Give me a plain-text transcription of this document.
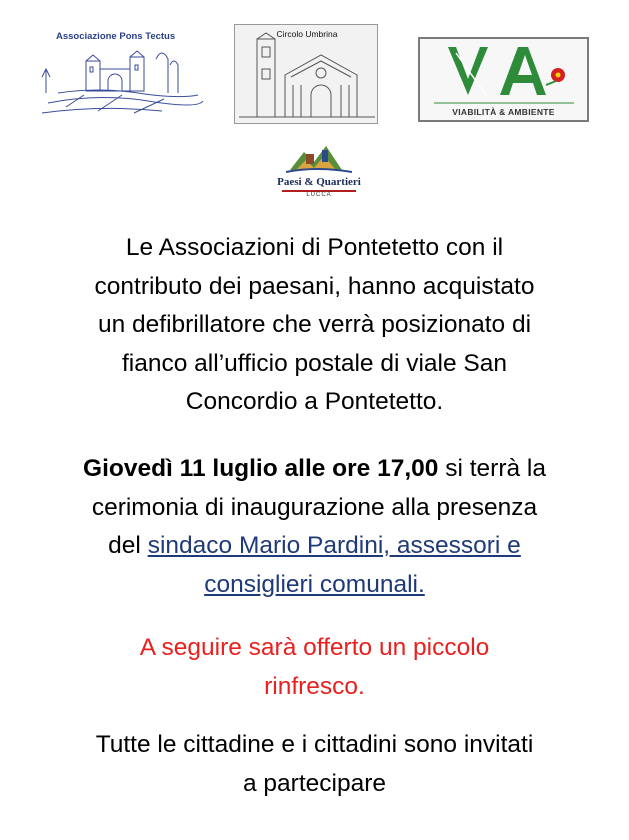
Associazione Pons Tectus	Circolo Umbrina
VIABILITÀ & AMBIENTE
Paesi & Quartieri
LUCCA
Le Associazioni di Pontetetto con il
contributo dei paesani, hanno acquistato
un defibrillatore che verrà posizionato di
fianco all’ufficio postale di viale San
Concordio a Pontetetto.
Giovedì 11 luglio alle ore 17,00 si terrà la
cerimonia di inaugurazione alla presenza
del sindaco Mario Pardini, assessori e
consiglieri comunali.
A seguire sarà offerto un piccolo
rinfresco.
Tutte le cittadine e i cittadini sono invitati
a partecipare
